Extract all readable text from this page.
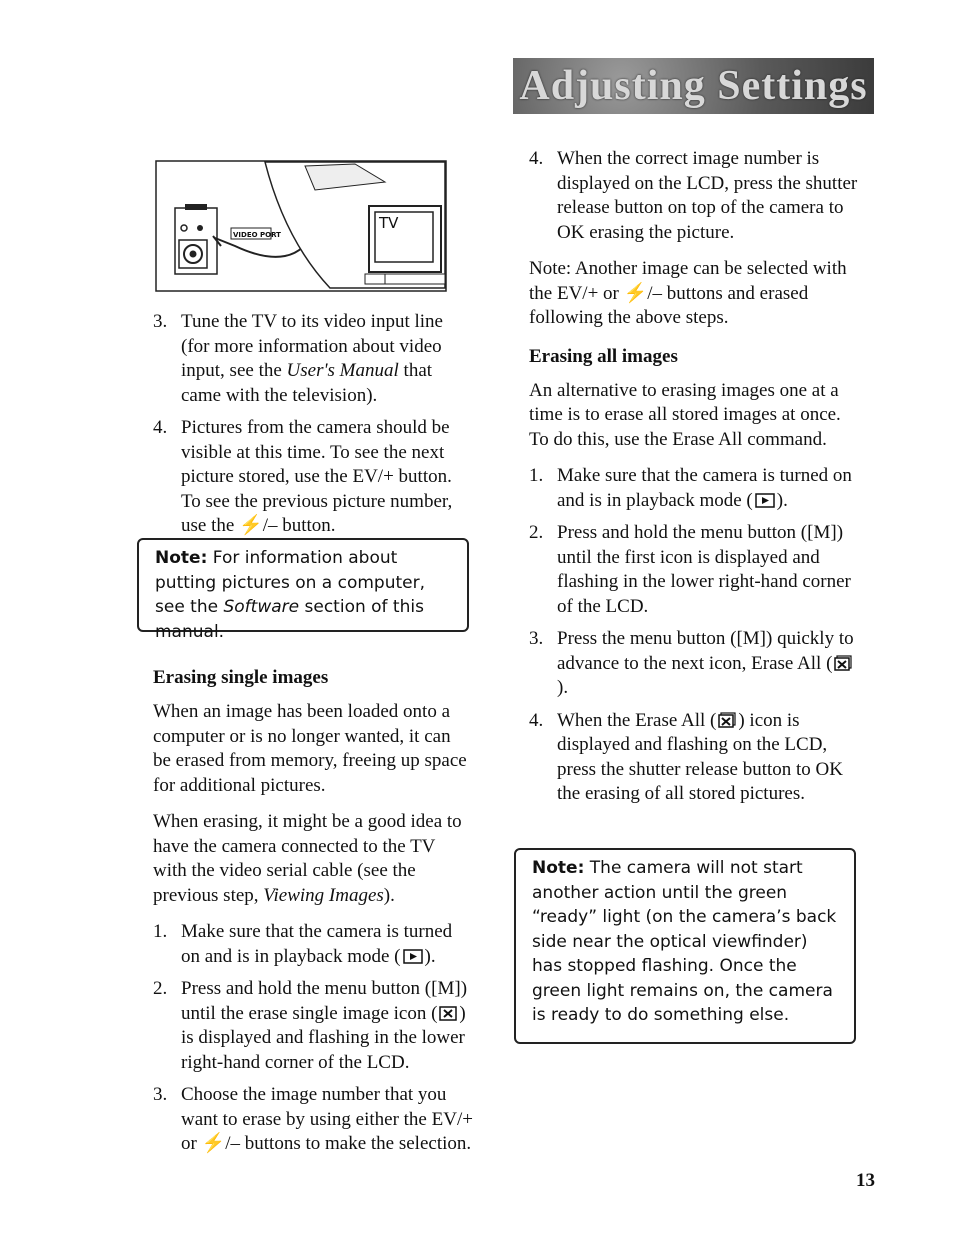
Adjusting Settings
VIDEO PORT
TV
3. Tune the TV to its video input line (for more information about video input, see the User's Manual that came with the television).
4. Pictures from the camera should be visible at this time. To see the next picture stored, use the EV/+ button. To see the previous picture number, use the ⚡/– button.
Note: For information about putting pictures on a computer, see the Software section of this manual.
Erasing single images

When an image has been loaded onto a computer or is no longer wanted, it can be erased from memory, freeing up space for additional pictures.

When erasing, it might be a good idea to have the camera connected to the TV with the video serial cable (see the previous step, Viewing Images).

1. Make sure that the camera is turned on and is in playback mode ( ).
2. Press and hold the menu button ([M]) until the erase single image icon ( ) is displayed and flashing in the lower right-hand corner of the LCD.
3. Choose the image number that you want to erase by using either the EV/+ or ⚡/– buttons to make the selection.
4. When the correct image number is displayed on the LCD, press the shutter release button on top of the camera to OK erasing the picture.

Note: Another image can be selected with the EV/+ or ⚡/– buttons and erased following the above steps.

Erasing all images

An alternative to erasing images one at a time is to erase all stored images at once. To do this, use the Erase All command.

1. Make sure that the camera is turned on and is in playback mode ( ).
2. Press and hold the menu button ([M]) until the first icon is displayed and flashing in the lower right-hand corner of the LCD.
3. Press the menu button ([M]) quickly to advance to the next icon, Erase All ().
4. When the Erase All ( ) icon is displayed and flashing on the LCD, press the shutter release button to OK the erasing of all stored pictures.
Note: The camera will not start another action until the green “ready” light (on the camera’s back side near the optical viewfinder) has stopped flashing. Once the green light remains on, the camera is ready to do something else.
13
